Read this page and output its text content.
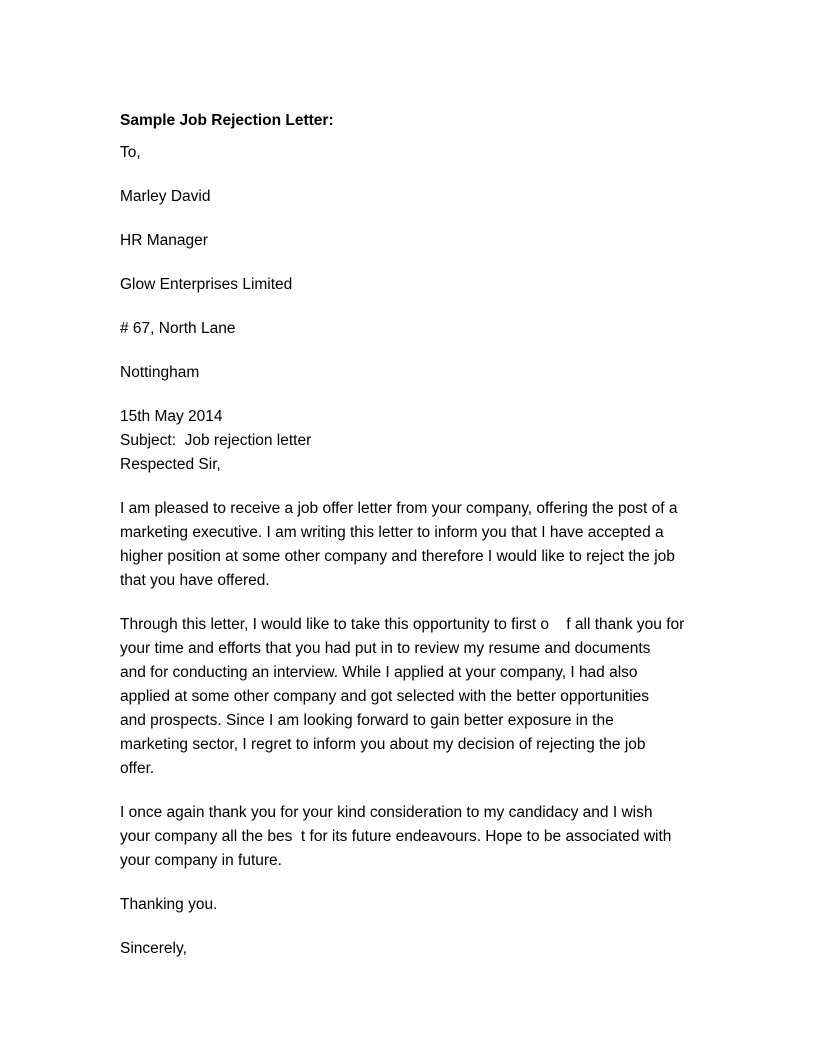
Sample Job Rejection Letter:
To,
Marley David
HR Manager
Glow Enterprises Limited
# 67, North Lane
Nottingham
15th May 2014
Subject:  Job rejection letter
Respected Sir,
I am pleased to receive a job offer letter from your company, offering the post of a
marketing executive. I am writing this letter to inform you that I have accepted a
higher position at some other company and therefore I would like to reject the job
that you have offered.
Through this letter, I would like to take this opportunity to first o    f all thank you for
your time and efforts that you had put in to review my resume and documents
and for conducting an interview. While I applied at your company, I had also
applied at some other company and got selected with the better opportunities
and prospects. Since I am looking forward to gain better exposure in the
marketing sector, I regret to inform you about my decision of rejecting the job
offer.
I once again thank you for your kind consideration to my candidacy and I wish
your company all the bes  t for its future endeavours. Hope to be associated with
your company in future.
Thanking you.
Sincerely,
